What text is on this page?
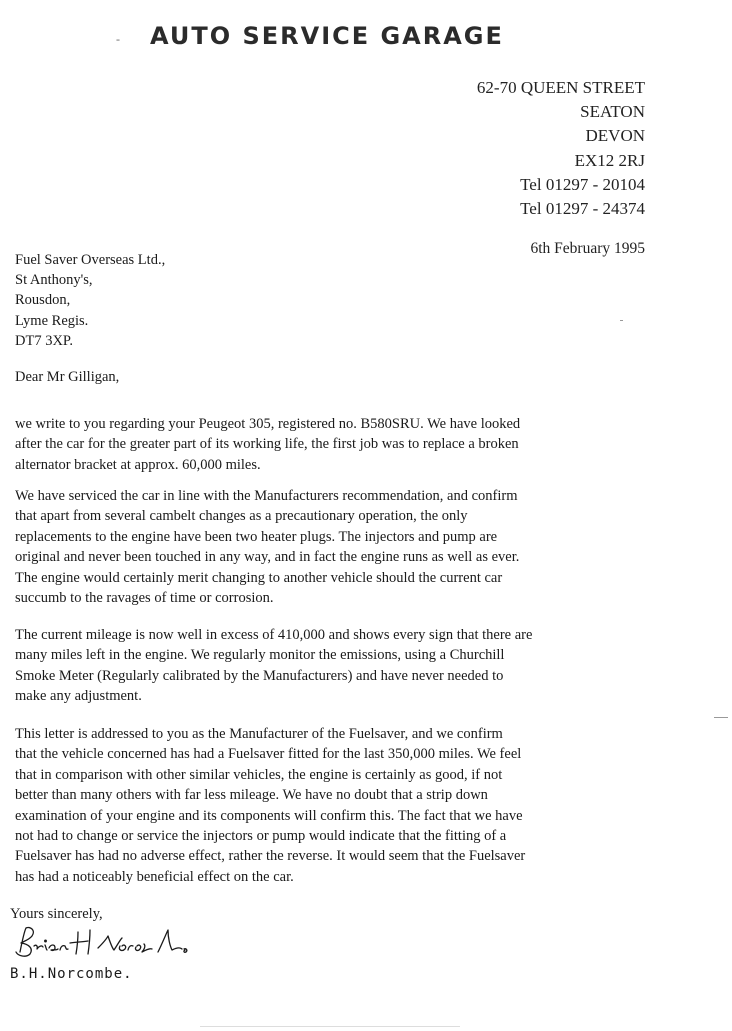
- AUTO SERVICE GARAGE
62-70 QUEEN STREET
SEATON
DEVON
EX12 2RJ
Tel 01297 - 20104
Tel 01297 - 24374
6th February 1995
Fuel Saver Overseas Ltd.,
St Anthony's,
Rousdon,
Lyme Regis.
DT7 3XP.
Dear Mr Gilligan,

we write to you regarding your Peugeot 305, registered no. B580SRU. We have looked
after the car for the greater part of its working life, the first job was to replace a broken
alternator bracket at approx. 60,000 miles.

We have serviced the car in line with the Manufacturers recommendation, and confirm
that apart from several cambelt changes as a precautionary operation, the only
replacements to the engine have been two heater plugs. The injectors and pump are
original and never been touched in any way, and in fact the engine runs as well as ever.
The engine would certainly merit changing to another vehicle should the current car
succumb to the ravages of time or corrosion.

The current mileage is now well in excess of 410,000 and shows every sign that there are
many miles left in the engine. We regularly monitor the emissions, using a Churchill
Smoke Meter (Regularly calibrated by the Manufacturers) and have never needed to
make any adjustment.

This letter is addressed to you as the Manufacturer of the Fuelsaver, and we confirm
that the vehicle concerned has had a Fuelsaver fitted for the last 350,000 miles. We feel
that in comparison with other similar vehicles, the engine is certainly as good, if not
better than many others with far less mileage. We have no doubt that a strip down
examination of your engine and its components will confirm this. The fact that we have
not had to change or service the injectors or pump would indicate that the fitting of a
Fuelsaver has had no adverse effect, rather the reverse. It would seem that the Fuelsaver
has had a noticeably beneficial effect on the car.

Yours sincerely,
B.H.Norcombe.
